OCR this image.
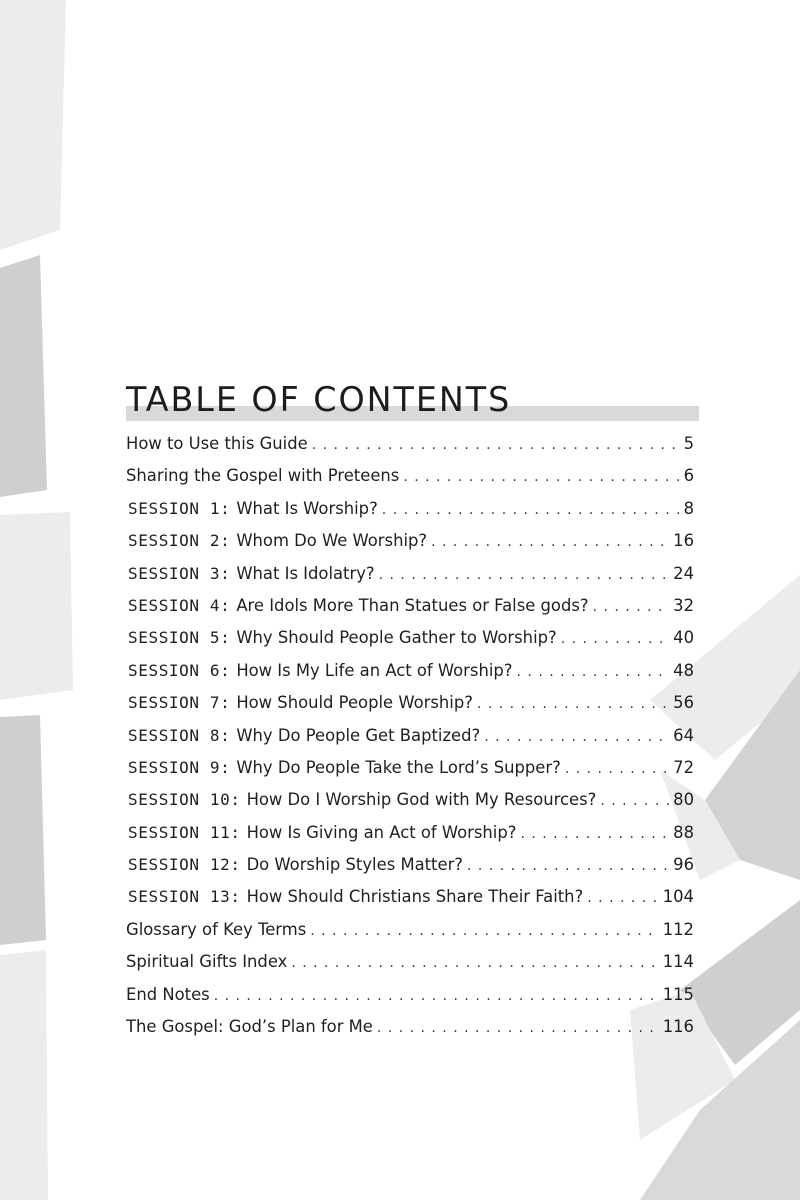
TABLE OF CONTENTS
How to Use this Guide . . .	5
Sharing the Gospel with Preteens . . .	6
SESSION 1: What Is Worship? . . .	8
SESSION 2: Whom Do We Worship? . . .	16
SESSION 3: What Is Idolatry? . . .	24
SESSION 4: Are Idols More Than Statues or False gods? . . .	32
SESSION 5: Why Should People Gather to Worship? . . .	40
SESSION 6: How Is My Life an Act of Worship? . . .	48
SESSION 7: How Should People Worship? . . .	56
SESSION 8: Why Do People Get Baptized? . . .	64
SESSION 9: Why Do People Take the Lord’s Supper? . . .	72
SESSION 10: How Do I Worship God with My Resources? . . .	80
SESSION 11: How Is Giving an Act of Worship? . . .	88
SESSION 12: Do Worship Styles Matter? . . .	96
SESSION 13: How Should Christians Share Their Faith? . . .	104
Glossary of Key Terms . . .	112
Spiritual Gifts Index . . .	114
End Notes . . .	115
The Gospel: God’s Plan for Me . . .	116
